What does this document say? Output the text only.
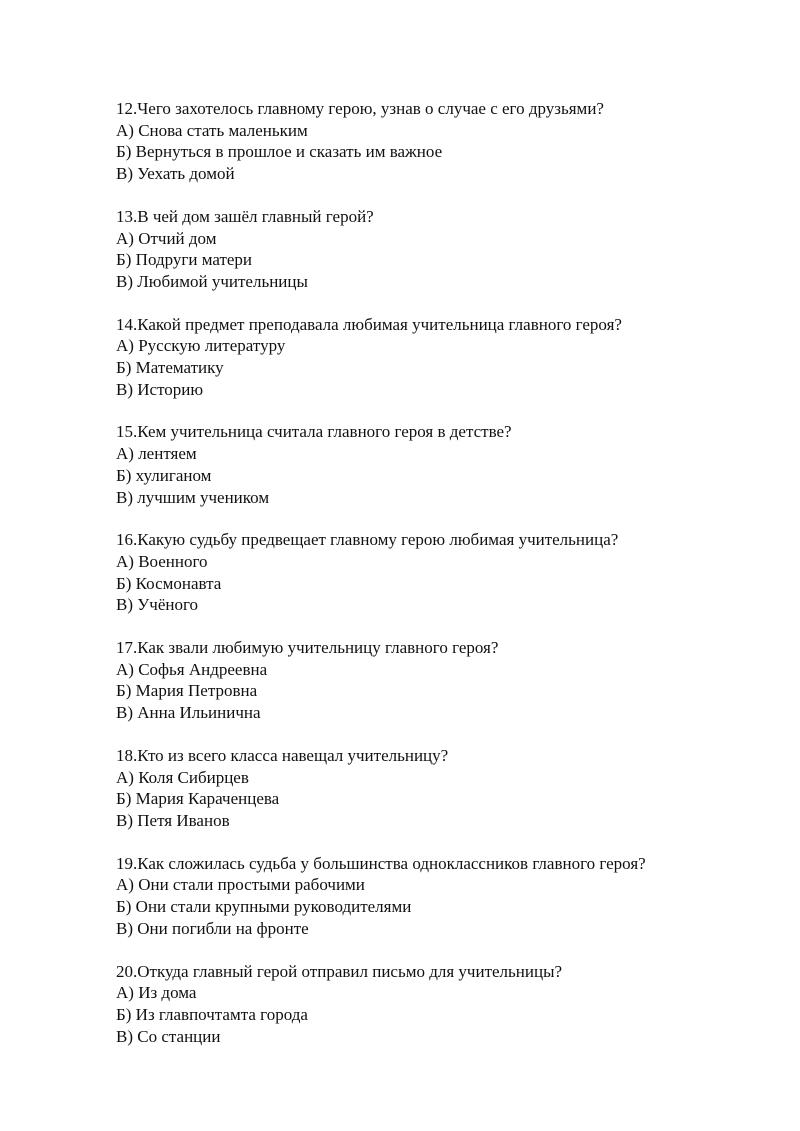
12.Чего захотелось главному герою, узнав о случае с его друзьями?

А) Снова стать маленьким

Б) Вернуться в прошлое и сказать им важное

В) Уехать домой

13.В чей дом зашёл главный герой?

А) Отчий дом

Б) Подруги матери

В) Любимой учительницы

14.Какой предмет преподавала любимая учительница главного героя?

А) Русскую литературу

Б) Математику

В) Историю

15.Кем учительница считала главного героя в детстве?

А) лентяем

Б) хулиганом

В) лучшим учеником

16.Какую судьбу предвещает главному герою любимая учительница?

А) Военного

Б) Космонавта

В) Учёного

17.Как звали любимую учительницу главного героя?

А) Софья Андреевна

Б) Мария Петровна

В) Анна Ильинична

18.Кто из всего класса навещал учительницу?

А) Коля Сибирцев

Б) Мария Караченцева

В) Петя Иванов

19.Как сложилась судьба у большинства одноклассников главного героя?

А) Они стали простыми рабочими

Б) Они стали крупными руководителями

В) Они погибли на фронте

20.Откуда главный герой отправил письмо для учительницы?

А) Из дома

Б) Из главпочтамта города

В) Со станции
